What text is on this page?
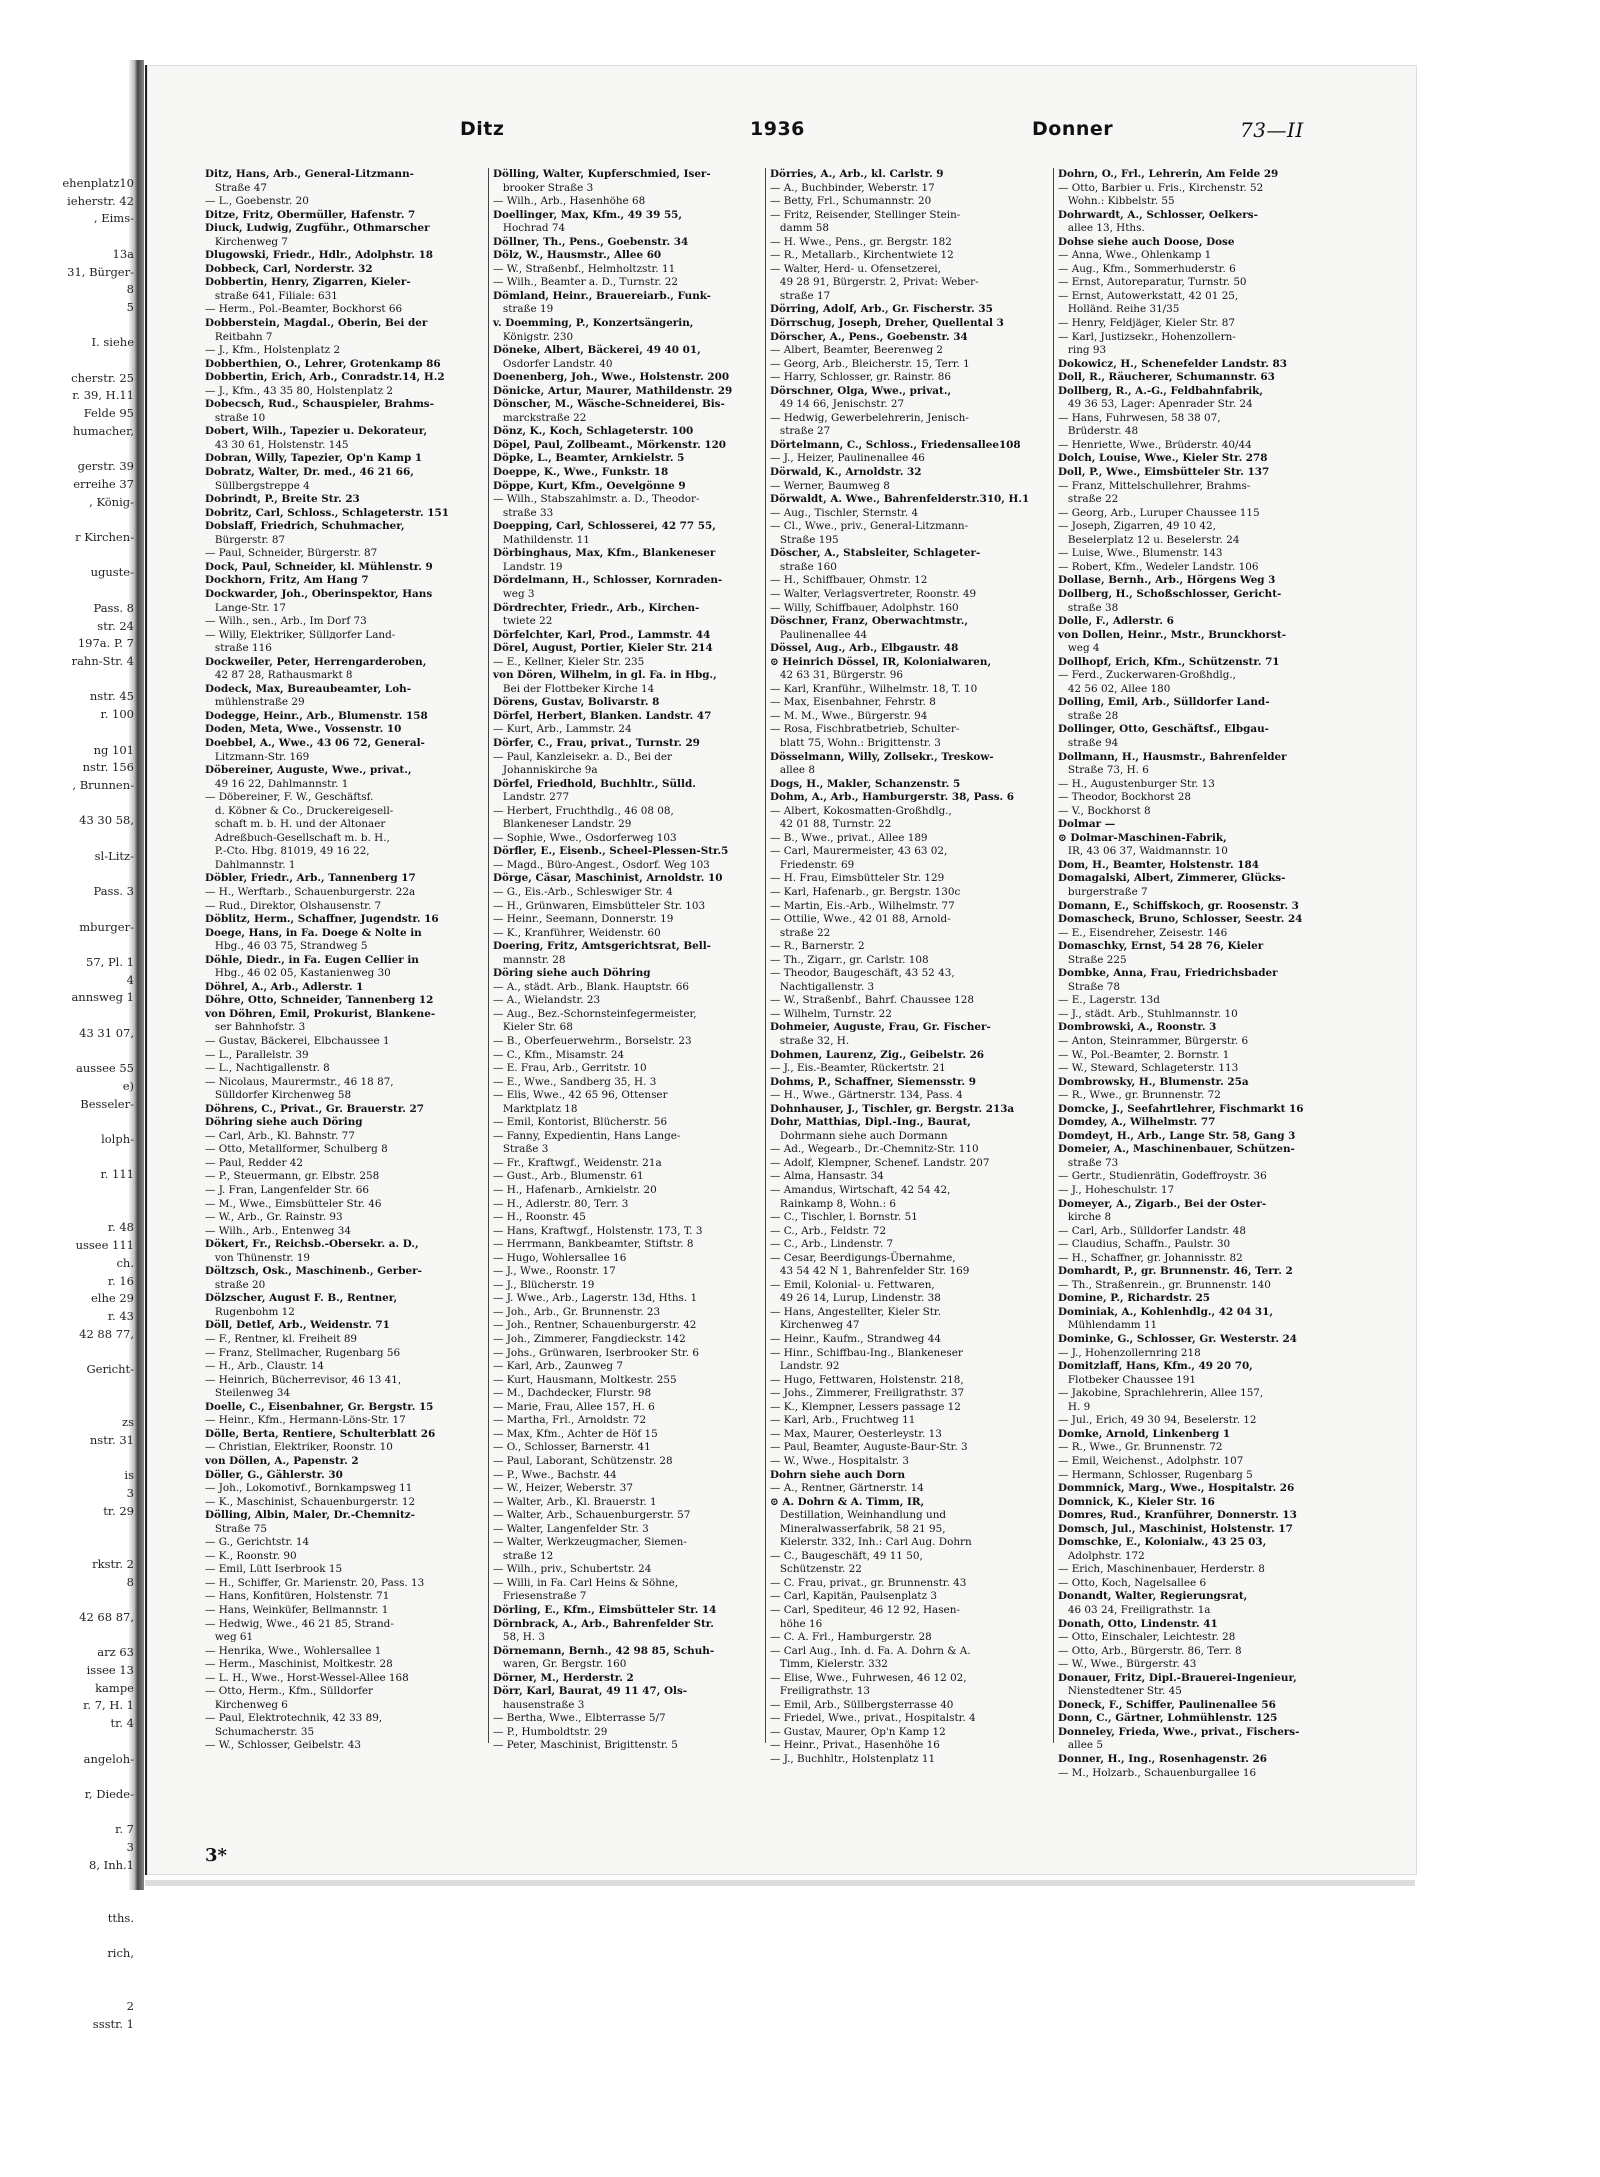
ehenplatz10
ieherstr. 42
, Eims-

13a
31, Bürger-
8
5

I. siehe

cherstr. 25
r. 39, H.11
Felde 95
humacher,

gerstr. 39
erreihe 37
, König-

r Kirchen-

uguste-

Pass. 8
str. 24
197a. P. 7
rahn-Str. 4

nstr. 45
r. 100

ng 101
nstr. 156
, Brunnen-

43 30 58,

sl-Litz-

Pass. 3

mburger-

57, Pl. 1
4
annsweg 1

43 31 07,

aussee 55
e)
Besseler-

lolph-

r. 111

r. 48
ussee 111
ch.
r. 16
elhe 29
r. 43
42 88 77,

Gericht-

zs
nstr. 31

is
3
tr. 29

rkstr. 2
8

42 68 87,

arz 63
issee 13
kampe
r. 7, H. 1
tr. 4

angeloh-

r, Diede-

r. 7
3
8, Inh.1

tths.

rich,

2
ssstr. 1
Ditz	1936	Donner	73—II
Ditz, Hans, Arb., General-Litzmann-
Straße 47
— L., Goebenstr. 20
Ditze, Fritz, Obermüller, Hafenstr. 7
Diuck, Ludwig, Zugführ., Othmarscher
Kirchenweg 7
Dlugowski, Friedr., Hdlr., Adolphstr. 18
Dobbeck, Carl, Norderstr. 32
Dobbertin, Henry, Zigarren, Kieler-
straße 641, Filiale: 631
— Herm., Pol.-Beamter, Bockhorst 66
Dobberstein, Magdal., Oberin, Bei der
Reitbahn 7
— J., Kfm., Holstenplatz 2
Dobberthien, O., Lehrer, Grotenkamp 86
Dobbertin, Erich, Arb., Conradstr.14, H.2
— J., Kfm., 43 35 80, Holstenplatz 2
Dobecsch, Rud., Schauspieler, Brahms-
straße 10
Dobert, Wilh., Tapezier u. Dekorateur,
43 30 61, Holstenstr. 145
Dobran, Willy, Tapezier, Op'n Kamp 1
Dobratz, Walter, Dr. med., 46 21 66,
Süllbergstreppe 4
Dobrindt, P., Breite Str. 23
Dobritz, Carl, Schloss., Schlageterstr. 151
Dobslaff, Friedrich, Schuhmacher,
Bürgerstr. 87
— Paul, Schneider, Bürgerstr. 87
Dock, Paul, Schneider, kl. Mühlenstr. 9
Dockhorn, Fritz, Am Hang 7
Dockwarder, Joh., Oberinspektor, Hans
Lange-Str. 17
— Wilh., sen., Arb., Im Dorf 73
— Willy, Elektriker, Süllдorfer Land-
straße 116
Dockweiler, Peter, Herrengarderoben,
42 87 28, Rathausmarkt 8
Dodeck, Max, Bureaubeamter, Loh-
mühlenstraße 29
Dodegge, Heinr., Arb., Blumenstr. 158
Doden, Meta, Wwe., Vossenstr. 10
Doebbel, A., Wwe., 43 06 72, General-
Litzmann-Str. 169
Döbereiner, Auguste, Wwe., privat.,
49 16 22, Dahlmannstr. 1
— Döbereiner, F. W., Geschäftsf.
d. Köbner & Co., Druckereigesell-
schaft m. b. H. und der Altonaer
Adreßbuch-Gesellschaft m. b. H.,
P.-Cto. Hbg. 81019, 49 16 22,
Dahlmannstr. 1
Döbler, Friedr., Arb., Tannenberg 17
— H., Werftarb., Schauenburgerstr. 22a
— Rud., Direktor, Olshausenstr. 7
Döblitz, Herm., Schaffner, Jugendstr. 16
Doege, Hans, in Fa. Doege & Nolte in
Hbg., 46 03 75, Strandweg 5
Döhle, Diedr., in Fa. Eugen Cellier in
Hbg., 46 02 05, Kastanienweg 30
Döhrel, A., Arb., Adlerstr. 1
Döhre, Otto, Schneider, Tannenberg 12
von Döhren, Emil, Prokurist, Blankene-
ser Bahnhofstr. 3
— Gustav, Bäckerei, Elbchaussee 1
— L., Parallelstr. 39
— L., Nachtigallenstr. 8
— Nicolaus, Maurermstr., 46 18 87,
Sülldorfer Kirchenweg 58
Döhrens, C., Privat., Gr. Brauerstr. 27
Döhring siehe auch Döring
— Carl, Arb., Kl. Bahnstr. 77
— Otto, Metallformer, Schulberg 8
— Paul, Redder 42
— P., Steuermann, gr. Elbstr. 258
— J. Fran, Langenfelder Str. 66
— M., Wwe., Eimsbütteler Str. 46
— W., Arb., Gr. Rainstr. 93
— Wilh., Arb., Entenweg 34
Dökert, Fr., Reichsb.-Obersekr. a. D.,
von Thünenstr. 19
Döltzsch, Osk., Maschinenb., Gerber-
straße 20
Dölzscher, August F. B., Rentner,
Rugenbohm 12
Döll, Detlef, Arb., Weidenstr. 71
— F., Rentner, kl. Freiheit 89
— Franz, Stellmacher, Rugenbarg 56
— H., Arb., Claustr. 14
— Heinrich, Bücherrevisor, 46 13 41,
Steilenweg 34
Doelle, C., Eisenbahner, Gr. Bergstr. 15
— Heinr., Kfm., Hermann-Löns-Str. 17
Dölle, Berta, Rentiere, Schulterblatt 26
— Christian, Elektriker, Roonstr. 10
von Döllen, A., Papenstr. 2
Döller, G., Gählerstr. 30
— Joh., Lokomotivf., Bornkampsweg 11
— K., Maschinist, Schauenburgerstr. 12
Dölling, Albin, Maler, Dr.-Chemnitz-
Straße 75
— G., Gerichtstr. 14
— K., Roonstr. 90
— Emil, Lütt Iserbrook 15
— H., Schiffer, Gr. Marienstr. 20, Pass. 13
— Hans, Konfitüren, Holstenstr. 71
— Hans, Weinküfer, Bellmannstr. 1
— Hedwig, Wwe., 46 21 85, Strand-
weg 61
— Henrika, Wwe., Wohlersallee 1
— Herm., Maschinist, Moltkestr. 28
— L. H., Wwe., Horst-Wessel-Allee 168
— Otto, Herm., Kfm., Sülldorfer
Kirchenweg 6
— Paul, Elektrotechnik, 42 33 89,
Schumacherstr. 35
— W., Schlosser, Geibelstr. 43
Dölling, Walter, Kupferschmied, Iser-
brooker Straße 3
— Wilh., Arb., Hasenhöhe 68
Doellinger, Max, Kfm., 49 39 55,
Hochrad 74
Döllner, Th., Pens., Goebenstr. 34
Dölz, W., Hausmstr., Allee 60
— W., Straßenbf., Helmholtzstr. 11
— Wilh., Beamter a. D., Turnstr. 22
Dömland, Heinr., Brauereiarb., Funk-
straße 19
v. Doemming, P., Konzertsängerin,
Königstr. 230
Döneke, Albert, Bäckerei, 49 40 01,
Osdorfer Landstr. 40
Doenenberg, Joh., Wwe., Holstenstr. 200
Dönicke, Artur, Maurer, Mathildenstr. 29
Dönscher, M., Wäsche-Schneiderei, Bis-
marckstraße 22
Dönz, K., Koch, Schlageterstr. 100
Döpel, Paul, Zollbeamt., Mörkenstr. 120
Döpke, L., Beamter, Arnkielstr. 5
Doeppe, K., Wwe., Funkstr. 18
Döppe, Kurt, Kfm., Oevelgönne 9
— Wilh., Stabszahlmstr. a. D., Theodor-
straße 33
Doepping, Carl, Schlosserei, 42 77 55,
Mathildenstr. 11
Dörbinghaus, Max, Kfm., Blankeneser
Landstr. 19
Dördelmann, H., Schlosser, Kornraden-
weg 3
Dördrechter, Friedr., Arb., Kirchen-
twiete 22
Dörfelchter, Karl, Prod., Lammstr. 44
Dörel, August, Portier, Kieler Str. 214
— E., Kellner, Kieler Str. 235
von Dören, Wilhelm, in gl. Fa. in Hbg.,
Bei der Flottbeker Kirche 14
Dörens, Gustav, Bolivarstr. 8
Dörfel, Herbert, Blanken. Landstr. 47
— Kurt, Arb., Lammstr. 24
Dörfer, C., Frau, privat., Turnstr. 29
— Paul, Kanzleisekr. a. D., Bei der
Johanniskirche 9a
Dörfel, Friedhold, Buchhltr., Sülld.
Landstr. 277
— Herbert, Fruchthdlg., 46 08 08,
Blankeneser Landstr. 29
— Sophie, Wwe., Osdorferweg 103
Dörfler, E., Eisenb., Scheel-Plessen-Str.5
— Magd., Büro-Angest., Osdorf. Weg 103
Dörge, Cäsar, Maschinist, Arnoldstr. 10
— G., Eis.-Arb., Schleswiger Str. 4
— H., Grünwaren, Eimsbütteler Str. 103
— Heinr., Seemann, Donnerstr. 19
— K., Kranführer, Weidenstr. 60
Doering, Fritz, Amtsgerichtsrat, Bell-
mannstr. 28
Döring siehe auch Döhring
— A., städt. Arb., Blank. Hauptstr. 66
— A., Wielandstr. 23
— Aug., Bez.-Schornsteinfegermeister,
Kieler Str. 68
— B., Oberfeuerwehrm., Borselstr. 23
— C., Kfm., Misamstr. 24
— E. Frau, Arb., Gerritstr. 10
— E., Wwe., Sandberg 35, H. 3
— Elis, Wwe., 42 65 96, Ottenser
Marktplatz 18
— Emil, Kontorist, Blücherstr. 56
— Fanny, Expedientin, Hans Lange-
Straße 3
— Fr., Kraftwgf., Weidenstr. 21a
— Gust., Arb., Blumenstr. 61
— H., Hafenarb., Arnkielstr. 20
— H., Adlerstr. 80, Terr. 3
— H., Roonstr. 45
— Hans, Kraftwgf., Holstenstr. 173, T. 3
— Herrmann, Bankbeamter, Stiftstr. 8
— Hugo, Wohlersallee 16
— J., Wwe., Roonstr. 17
— J., Blücherstr. 19
— J. Wwe., Arb., Lagerstr. 13d, Hths. 1
— Joh., Arb., Gr. Brunnenstr. 23
— Joh., Rentner, Schauenburgerstr. 42
— Joh., Zimmerer, Fangdieckstr. 142
— Johs., Grünwaren, Iserbrooker Str. 6
— Karl, Arb., Zaunweg 7
— Kurt, Hausmann, Moltkestr. 255
— M., Dachdecker, Flurstr. 98
— Marie, Frau, Allee 157, H. 6
— Martha, Frl., Arnoldstr. 72
— Max, Kfm., Achter de Höf 15
— O., Schlosser, Barnerstr. 41
— Paul, Laborant, Schützenstr. 28
— P., Wwe., Bachstr. 44
— W., Heizer, Weberstr. 37
— Walter, Arb., Kl. Brauerstr. 1
— Walter, Arb., Schauenburgerstr. 57
— Walter, Langenfelder Str. 3
— Walter, Werkzeugmacher, Siemen-
straße 12
— Wilh., priv., Schubertstr. 24
— Willi, in Fa. Carl Heins & Söhne,
Friesenstraße 7
Dörling, E., Kfm., Eimsbütteler Str. 14
Dörnbrack, A., Arb., Bahrenfelder Str.
58, H. 3
Dörnemann, Bernh., 42 98 85, Schuh-
waren, Gr. Bergstr. 160
Dörner, M., Herderstr. 2
Dörr, Karl, Baurat, 49 11 47, Ols-
hausenstraße 3
— Bertha, Wwe., Elbterrasse 5/7
— P., Humboldtstr. 29
— Peter, Maschinist, Brigittenstr. 5
Dörries, A., Arb., kl. Carlstr. 9
— A., Buchbinder, Weberstr. 17
— Betty, Frl., Schumannstr. 20
— Fritz, Reisender, Stellinger Stein-
damm 58
— H. Wwe., Pens., gr. Bergstr. 182
— R., Metallarb., Kirchentwiete 12
— Walter, Herd- u. Ofensetzerei,
49 28 91, Bürgerstr. 2, Privat: Weber-
straße 17
Dörring, Adolf, Arb., Gr. Fischerstr. 35
Dörrschug, Joseph, Dreher, Quellental 3
Dörscher, A., Pens., Goebenstr. 34
— Albert, Beamter, Beerenweg 2
— Georg, Arb., Bleicherstr. 15, Terr. 1
— Harry, Schlosser, gr. Rainstr. 86
Dörschner, Olga, Wwe., privat.,
49 14 66, Jenischstr. 27
— Hedwig, Gewerbelehrerin, Jenisch-
straße 27
Dörtelmann, C., Schloss., Friedensallee108
— J., Heizer, Paulinenallee 46
Dörwald, K., Arnoldstr. 32
— Werner, Baumweg 8
Dörwaldt, A. Wwe., Bahrenfelderstr.310, H.1
— Aug., Tischler, Sternstr. 4
— Cl., Wwe., priv., General-Litzmann-
Straße 195
Döscher, A., Stabsleiter, Schlageter-
straße 160
— H., Schiffbauer, Ohmstr. 12
— Walter, Verlagsvertreter, Roonstr. 49
— Willy, Schiffbauer, Adolphstr. 160
Döschner, Franz, Oberwachtmstr.,
Paulinenallee 44
Dössel, Aug., Arb., Elbgaustr. 48
⊙ Heinrich Dössel, IR, Kolonialwaren,
42 63 31, Bürgerstr. 96
— Karl, Kranführ., Wilhelmstr. 18, T. 10
— Max, Eisenbahner, Fehrstr. 8
— M. M., Wwe., Bürgerstr. 94
— Rosa, Fischbratbetrieb, Schulter-
blatt 75, Wohn.: Brigittenstr. 3
Dösselmann, Willy, Zollsekr., Treskow-
allee 8
Dogs, H., Makler, Schanzenstr. 5
Dohm, A., Arb., Hamburgerstr. 38, Pass. 6
— Albert, Kokosmatten-Großhdlg.,
42 01 88, Turnstr. 22
— B., Wwe., privat., Allee 189
— Carl, Maurermeister, 43 63 02,
Friedenstr. 69
— H. Frau, Eimsbütteler Str. 129
— Karl, Hafenarb., gr. Bergstr. 130c
— Martin, Eis.-Arb., Wilhelmstr. 77
— Ottilie, Wwe., 42 01 88, Arnold-
straße 22
— R., Barnerstr. 2
— Th., Zigarr., gr. Carlstr. 108
— Theodor, Baugeschäft, 43 52 43,
Nachtigallenstr. 3
— W., Straßenbf., Bahrf. Chaussee 128
— Wilhelm, Turnstr. 22
Dohmeier, Auguste, Frau, Gr. Fischer-
straße 32, H.
Dohmen, Laurenz, Zig., Geibelstr. 26
— J., Eis.-Beamter, Rückertstr. 21
Dohms, P., Schaffner, Siemensstr. 9
— H., Wwe., Gärtnerstr. 134, Pass. 4
Dohnhauser, J., Tischler, gr. Bergstr. 213a
Dohr, Matthias, Dipl.-Ing., Baurat,
Dohrmann siehe auch Dormann
— Ad., Wegearb., Dr.-Chemnitz-Str. 110
— Adolf, Klempner, Schenef. Landstr. 207
— Alma, Hansastr. 34
— Amandus, Wirtschaft, 42 54 42,
Rainkamp 8, Wohn.: 6
— C., Tischler, l. Bornstr. 51
— C., Arb., Feldstr. 72
— C., Arb., Lindenstr. 7
— Cesar, Beerdigungs-Übernahme,
43 54 42 N 1, Bahrenfelder Str. 169
— Emil, Kolonial- u. Fettwaren,
49 26 14, Lurup, Lindenstr. 38
— Hans, Angestellter, Kieler Str.
Kirchenweg 47
— Heinr., Kaufm., Strandweg 44
— Hinr., Schiffbau-Ing., Blankeneser
Landstr. 92
— Hugo, Fettwaren, Holstenstr. 218,
— Johs., Zimmerer, Freiligrathstr. 37
— K., Klempner, Lessers passage 12
— Karl, Arb., Fruchtweg 11
— Max, Maurer, Oesterleystr. 13
— Paul, Beamter, Auguste-Baur-Str. 3
— W., Wwe., Hospitalstr. 3
Dohrn siehe auch Dorn
— A., Rentner, Gärtnerstr. 14
⊙ A. Dohrn & A. Timm, IR,
Destillation, Weinhandlung und
Mineralwasserfabrik, 58 21 95,
Kielerstr. 332, Inh.: Carl Aug. Dohrn
— C., Baugeschäft, 49 11 50,
Schützenstr. 22
— C. Frau, privat., gr. Brunnenstr. 43
— Carl, Kapitän, Paulsenplatz 3
— Carl, Spediteur, 46 12 92, Hasen-
höhe 16
— C. A. Frl., Hamburgerstr. 28
— Carl Aug., Inh. d. Fa. A. Dohrn & A.
Timm, Kielerstr. 332
— Elise, Wwe., Fuhrwesen, 46 12 02,
Freiligrathstr. 13
— Emil, Arb., Süllbergsterrasse 40
— Friedel, Wwe., privat., Hospitalstr. 4
— Gustav, Maurer, Op'n Kamp 12
— Heinr., Privat., Hasenhöhe 16
— J., Buchhltr., Holstenplatz 11
Dohrn, O., Frl., Lehrerin, Am Felde 29
— Otto, Barbier u. Fris., Kirchenstr. 52
Wohn.: Kibbelstr. 55
Dohrwardt, A., Schlosser, Oelkers-
allee 13, Hths.
Dohse siehe auch Doose, Dose
— Anna, Wwe., Ohlenkamp 1
— Aug., Kfm., Sommerhuderstr. 6
— Ernst, Autoreparatur, Turnstr. 50
— Ernst, Autowerkstatt, 42 01 25,
Holländ. Reihe 31/35
— Henry, Feldjäger, Kieler Str. 87
— Karl, Justizsekr., Hohenzollern-
ring 93
Dokowicz, H., Schenefelder Landstr. 83
Doll, R., Räucherer, Schumannstr. 63
Dollberg, R., A.-G., Feldbahnfabrik,
49 36 53, Lager: Apenrader Str. 24
— Hans, Fuhrwesen, 58 38 07,
Brüderstr. 48
— Henriette, Wwe., Brüderstr. 40/44
Dolch, Louise, Wwe., Kieler Str. 278
Doll, P., Wwe., Eimsbütteler Str. 137
— Franz, Mittelschullehrer, Brahms-
straße 22
— Georg, Arb., Luruper Chaussee 115
— Joseph, Zigarren, 49 10 42,
Beselerplatz 12 u. Beselerstr. 24
— Luise, Wwe., Blumenstr. 143
— Robert, Kfm., Wedeler Landstr. 106
Dollase, Bernh., Arb., Hörgens Weg 3
Dollberg, H., Schoßschlosser, Gericht-
straße 38
Dolle, F., Adlerstr. 6
von Dollen, Heinr., Mstr., Brunckhorst-
weg 4
Dollhopf, Erich, Kfm., Schützenstr. 71
— Ferd., Zuckerwaren-Großhdlg.,
42 56 02, Allee 180
Dolling, Emil, Arb., Sülldorfer Land-
straße 28
Dollinger, Otto, Geschäftsf., Elbgau-
straße 94
Dollmann, H., Hausmstr., Bahrenfelder
Straße 73, H. 6
— H., Augustenburger Str. 13
— Theodor, Bockhorst 28
— V., Bockhorst 8
Dolmar —
⊙ Dolmar-Maschinen-Fabrik,
IR, 43 06 37, Waidmannstr. 10
Dom, H., Beamter, Holstenstr. 184
Domagalski, Albert, Zimmerer, Glücks-
burgerstraße 7
Domann, E., Schiffskoch, gr. Roosenstr. 3
Domascheck, Bruno, Schlosser, Seestr. 24
— E., Eisendreher, Zeisestr. 146
Domaschky, Ernst, 54 28 76, Kieler
Straße 225
Dombke, Anna, Frau, Friedrichsbader
Straße 78
— E., Lagerstr. 13d
— J., städt. Arb., Stuhlmannstr. 10
Dombrowski, A., Roonstr. 3
— Anton, Steinrammer, Bürgerstr. 6
— W., Pol.-Beamter, 2. Bornstr. 1
— W., Steward, Schlageterstr. 113
Dombrowsky, H., Blumenstr. 25a
— R., Wwe., gr. Brunnenstr. 72
Domcke, J., Seefahrtlehrer, Fischmarkt 16
Domdey, A., Wilhelmstr. 77
Domdeyt, H., Arb., Lange Str. 58, Gang 3
Domeier, A., Maschinenbauer, Schützen-
straße 73
— Gertr., Studienrätin, Godeffroystr. 36
— J., Hoheschulstr. 17
Domeyer, A., Zigarb., Bei der Oster-
kirche 8
— Carl, Arb., Sülldorfer Landstr. 48
— Claudius, Schaffn., Paulstr. 30
— H., Schaffner, gr. Johannisstr. 82
Domhardt, P., gr. Brunnenstr. 46, Terr. 2
— Th., Straßenrein., gr. Brunnenstr. 140
Domine, P., Richardstr. 25
Dominiak, A., Kohlenhdlg., 42 04 31,
Mühlendamm 11
Dominke, G., Schlosser, Gr. Westerstr. 24
— J., Hohenzollernring 218
Domitzlaff, Hans, Kfm., 49 20 70,
Flotbeker Chaussee 191
— Jakobine, Sprachlehrerin, Allee 157,
H. 9
— Jul., Erich, 49 30 94, Beselerstr. 12
Domke, Arnold, Linkenberg 1
— R., Wwe., Gr. Brunnenstr. 72
— Emil, Weichenst., Adolphstr. 107
— Hermann, Schlosser, Rugenbarg 5
Dommnick, Marg., Wwe., Hospitalstr. 26
Domnick, K., Kieler Str. 16
Domres, Rud., Kranführer, Donnerstr. 13
Domsch, Jul., Maschinist, Holstenstr. 17
Domschke, E., Kolonialw., 43 25 03,
Adolphstr. 172
— Erich, Maschinenbauer, Herderstr. 8
— Otto, Koch, Nagelsallee 6
Donandt, Walter, Regierungsrat,
46 03 24, Freiligrathstr. 1a
Donath, Otto, Lindenstr. 41
— Otto, Einschaler, Leichtestr. 28
— Otto, Arb., Bürgerstr. 86, Terr. 8
— W., Wwe., Bürgerstr. 43
Donauer, Fritz, Dipl.-Brauerei-Ingenieur,
Nienstedtener Str. 45
Doneck, F., Schiffer, Paulinenallee 56
Donn, C., Gärtner, Lohmühlenstr. 125
Donneley, Frieda, Wwe., privat., Fischers-
allee 5
Donner, H., Ing., Rosenhagenstr. 26
— M., Holzarb., Schauenburgallee 16
3*
